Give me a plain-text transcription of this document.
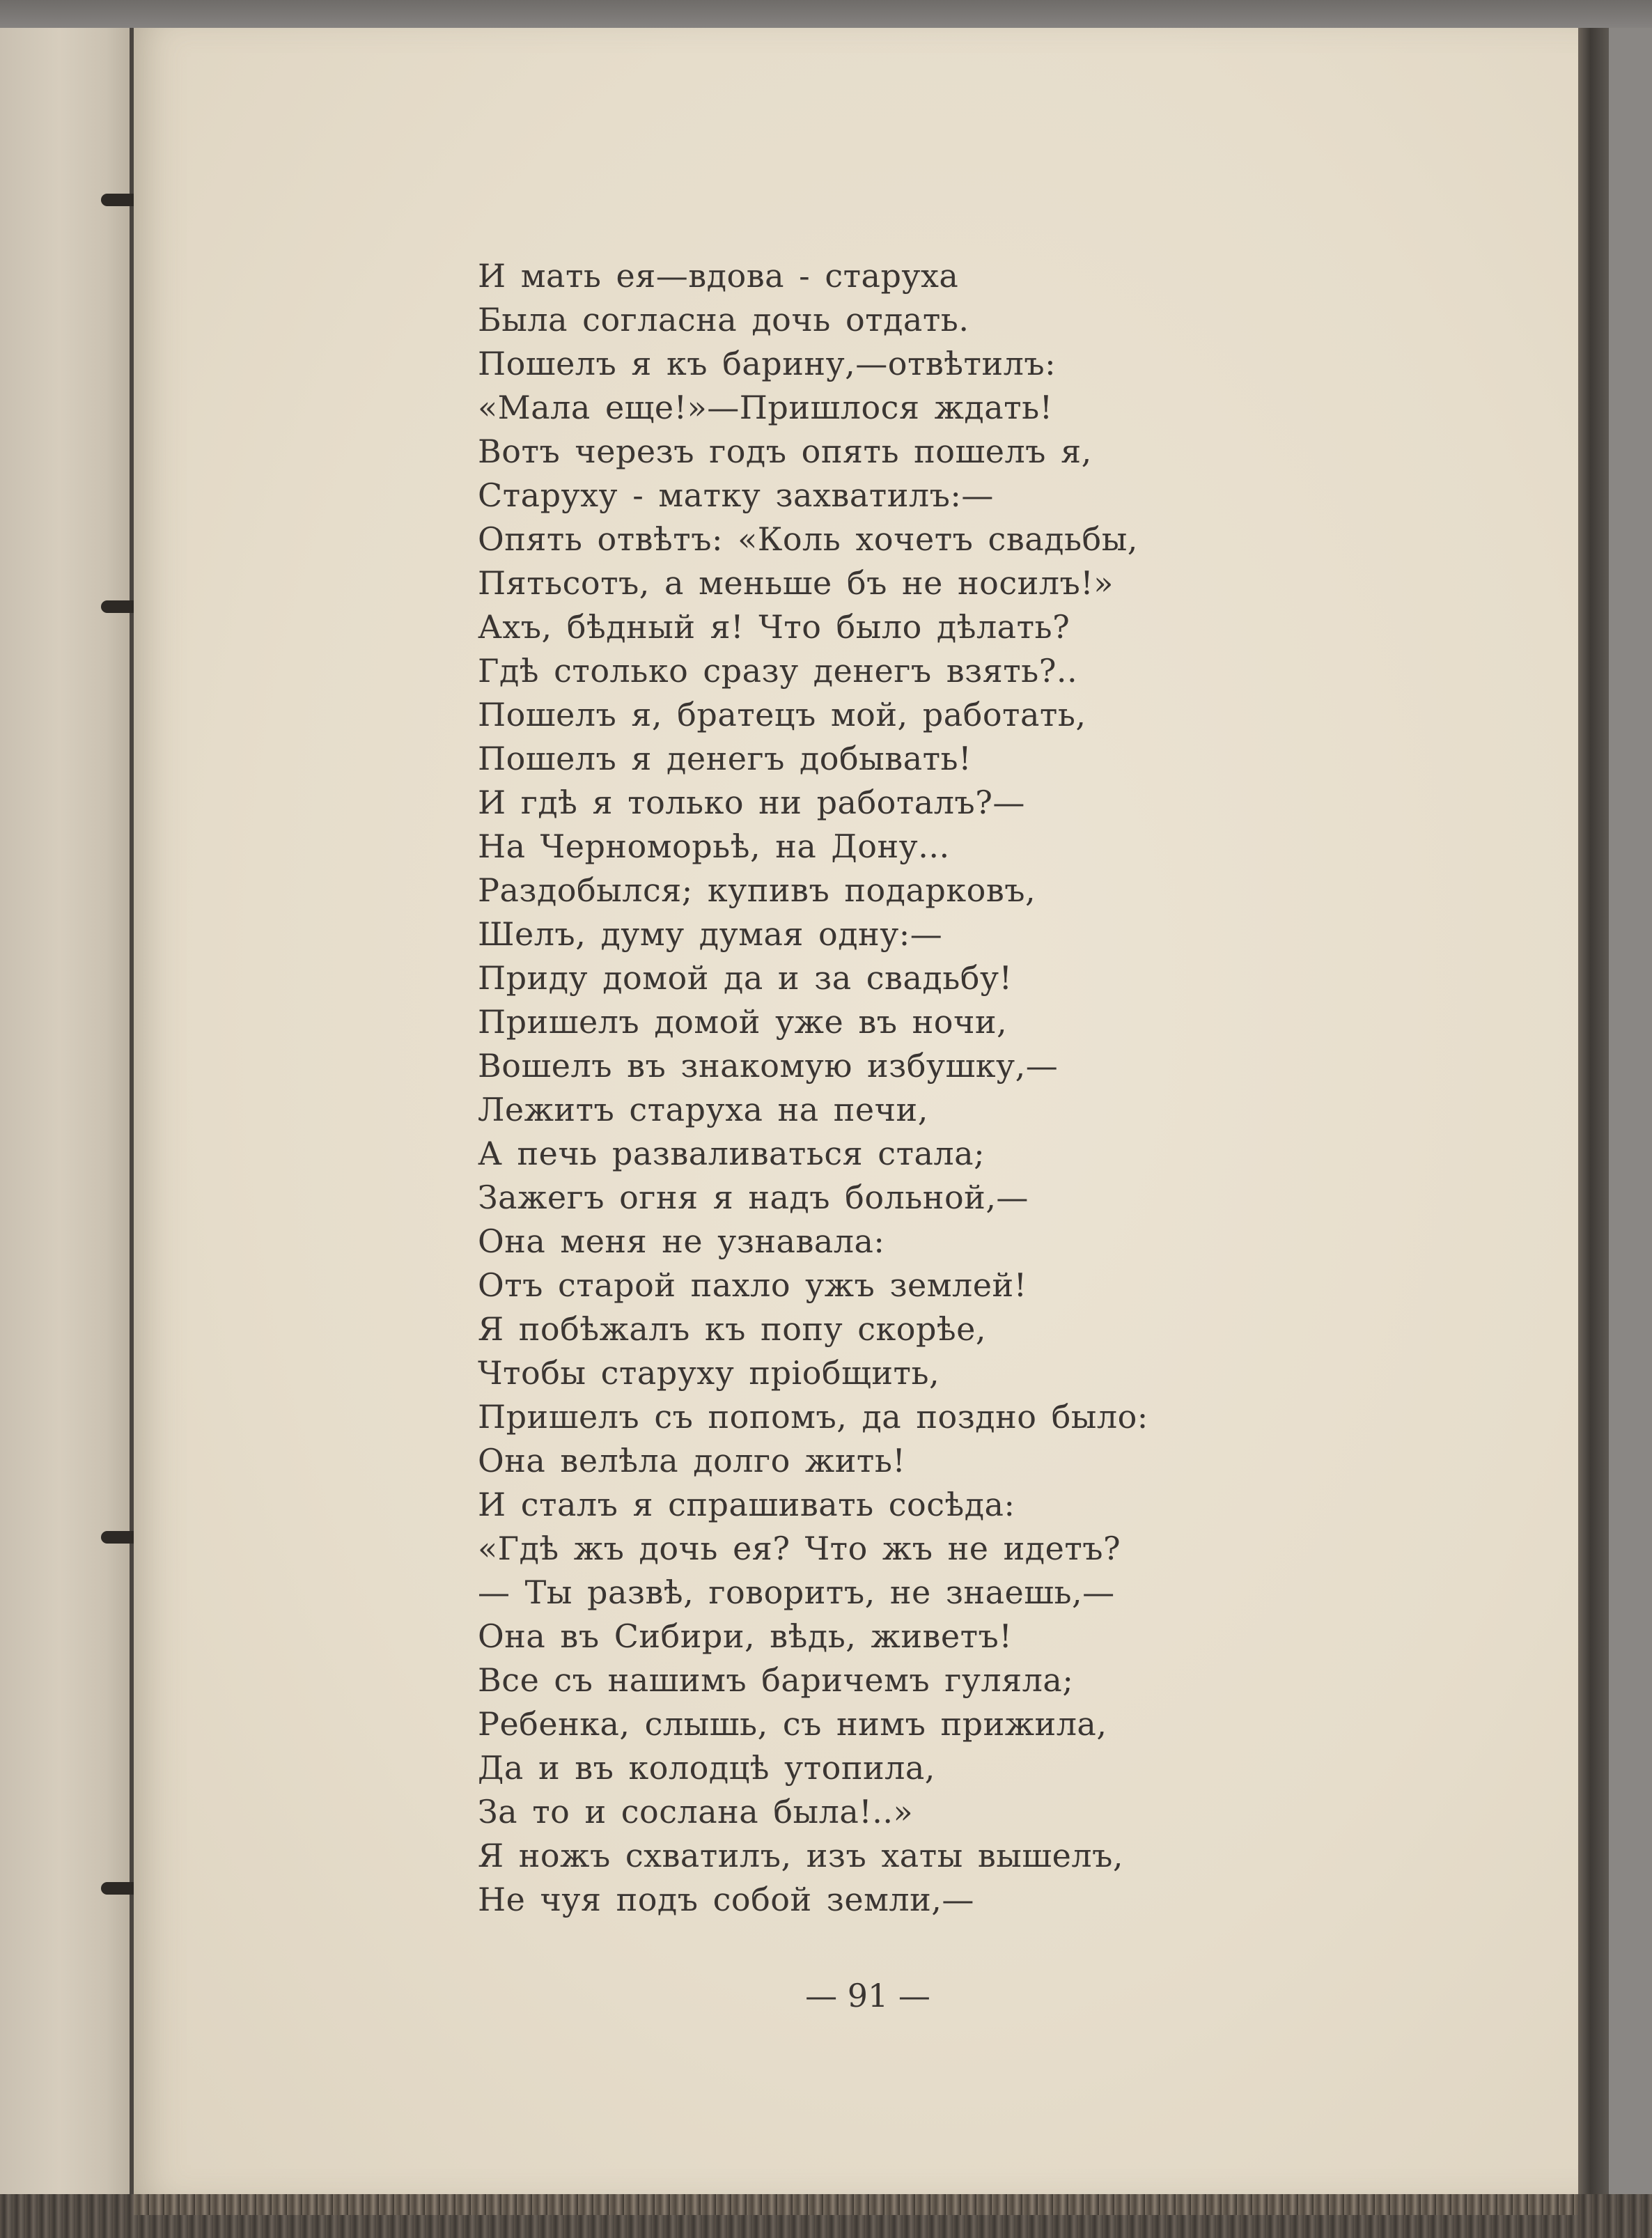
И мать ея—вдова - старуха
Была согласна дочь отдать.
Пошелъ я къ барину,—отвѣтилъ:
«Мала еще!»—Пришлося ждать!
Вотъ черезъ годъ опять пошелъ я,
Старуху - матку захватилъ:—
Опять отвѣтъ: «Коль хочетъ свадьбы,
Пятьсотъ, а меньше бъ не носилъ!»
Ахъ, бѣдный я! Что было дѣлать?
Гдѣ столько сразу денегъ взять?..
Пошелъ я, братецъ мой, работать,
Пошелъ я денегъ добывать!
И гдѣ я только ни работалъ?—
На Черноморьѣ, на Дону...
Раздобылся; купивъ подарковъ,
Шелъ, думу думая одну:—
Приду домой да и за свадьбу!
Пришелъ домой уже въ ночи,
Вошелъ въ знакомую избушку,—
Лежитъ старуха на печи,
А печь разваливаться стала;
Зажегъ огня я надъ больной,—
Она меня не узнавала:
Отъ старой пахло ужъ землей!
Я побѣжалъ къ попу скорѣе,
Чтобы старуху пріобщить,
Пришелъ съ попомъ, да поздно было:
Она велѣла долго жить!
И сталъ я спрашивать сосѣда:
«Гдѣ жъ дочь ея? Что жъ не идетъ?
— Ты развѣ, говоритъ, не знаешь,—
Она въ Сибири, вѣдь, живетъ!
Все съ нашимъ баричемъ гуляла;
Ребенка, слышь, съ нимъ прижила,
Да и въ колодцѣ утопила,
За то и сослана была!..»
Я ножъ схватилъ, изъ хаты вышелъ,
Не чуя подъ собой земли,—
— 91 —
